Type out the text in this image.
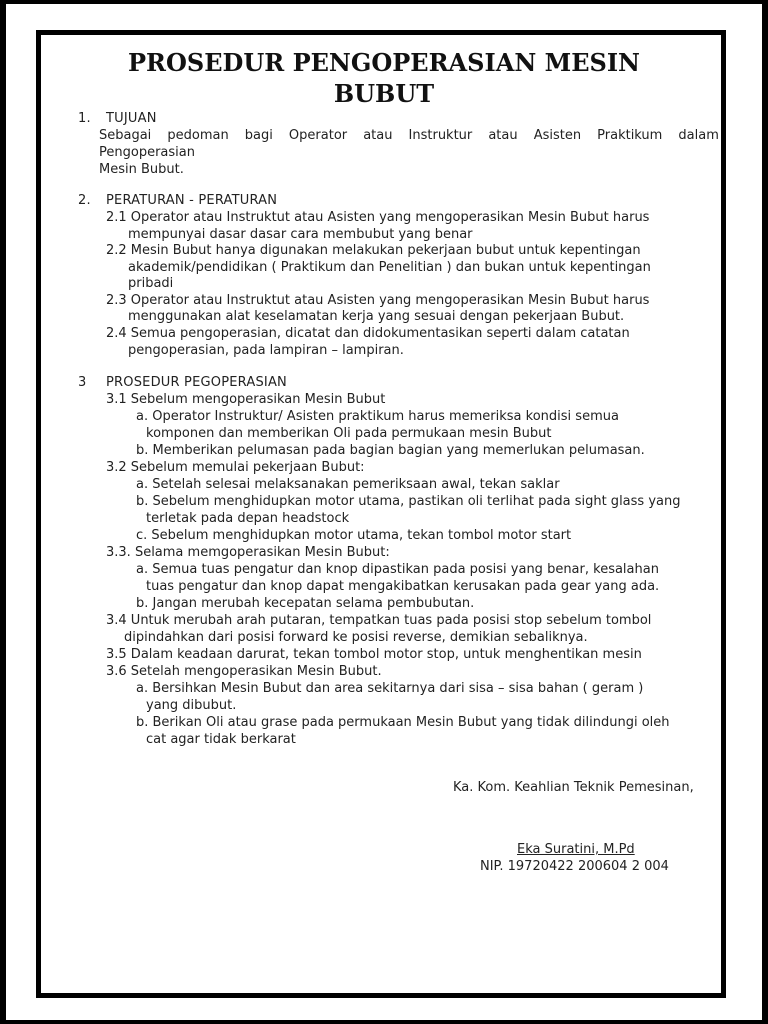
PROSEDUR PENGOPERASIAN MESIN
BUBUT
1. TUJUAN
Sebagai pedoman bagi Operator atau Instruktur atau Asisten Praktikum dalam
Pengoperasian
Mesin Bubut.
2. PERATURAN - PERATURAN
2.1 Operator atau Instruktut atau Asisten yang mengoperasikan Mesin Bubut harus
mempunyai dasar dasar cara membubut yang benar
2.2 Mesin Bubut hanya digunakan melakukan pekerjaan bubut untuk kepentingan
akademik/pendidikan ( Praktikum dan Penelitian ) dan bukan untuk kepentingan
pribadi
2.3 Operator atau Instruktut atau Asisten yang mengoperasikan Mesin Bubut harus
menggunakan alat keselamatan kerja yang sesuai dengan pekerjaan Bubut.
2.4 Semua pengoperasian, dicatat dan didokumentasikan seperti dalam catatan
pengoperasian, pada lampiran – lampiran.
3 PROSEDUR PEGOPERASIAN
3.1 Sebelum mengoperasikan Mesin Bubut
a. Operator Instruktur/ Asisten praktikum harus memeriksa kondisi semua
komponen dan memberikan Oli pada permukaan mesin Bubut
b. Memberikan pelumasan pada bagian bagian yang memerlukan pelumasan.
3.2 Sebelum memulai pekerjaan Bubut:
a. Setelah selesai melaksanakan pemeriksaan awal, tekan saklar
b. Sebelum menghidupkan motor utama, pastikan oli terlihat pada sight glass yang
terletak pada depan headstock
c. Sebelum menghidupkan motor utama, tekan tombol motor start
3.3. Selama memgoperasikan Mesin Bubut:
a. Semua tuas pengatur dan knop dipastikan pada posisi yang benar, kesalahan
tuas pengatur dan knop dapat mengakibatkan kerusakan pada gear yang ada.
b. Jangan merubah kecepatan selama pembubutan.
3.4 Untuk merubah arah putaran, tempatkan tuas pada posisi stop sebelum tombol
dipindahkan dari posisi forward ke posisi reverse, demikian sebaliknya.
3.5 Dalam keadaan darurat, tekan tombol motor stop, untuk menghentikan mesin
3.6 Setelah mengoperasikan Mesin Bubut.
a. Bersihkan Mesin Bubut dan area sekitarnya dari sisa – sisa bahan ( geram )
yang dibubut.
b. Berikan Oli atau grase pada permukaan Mesin Bubut yang tidak dilindungi oleh
cat agar tidak berkarat
Ka. Kom. Keahlian Teknik Pemesinan,
Eka Suratini, M.Pd
NIP. 19720422 200604 2 004
